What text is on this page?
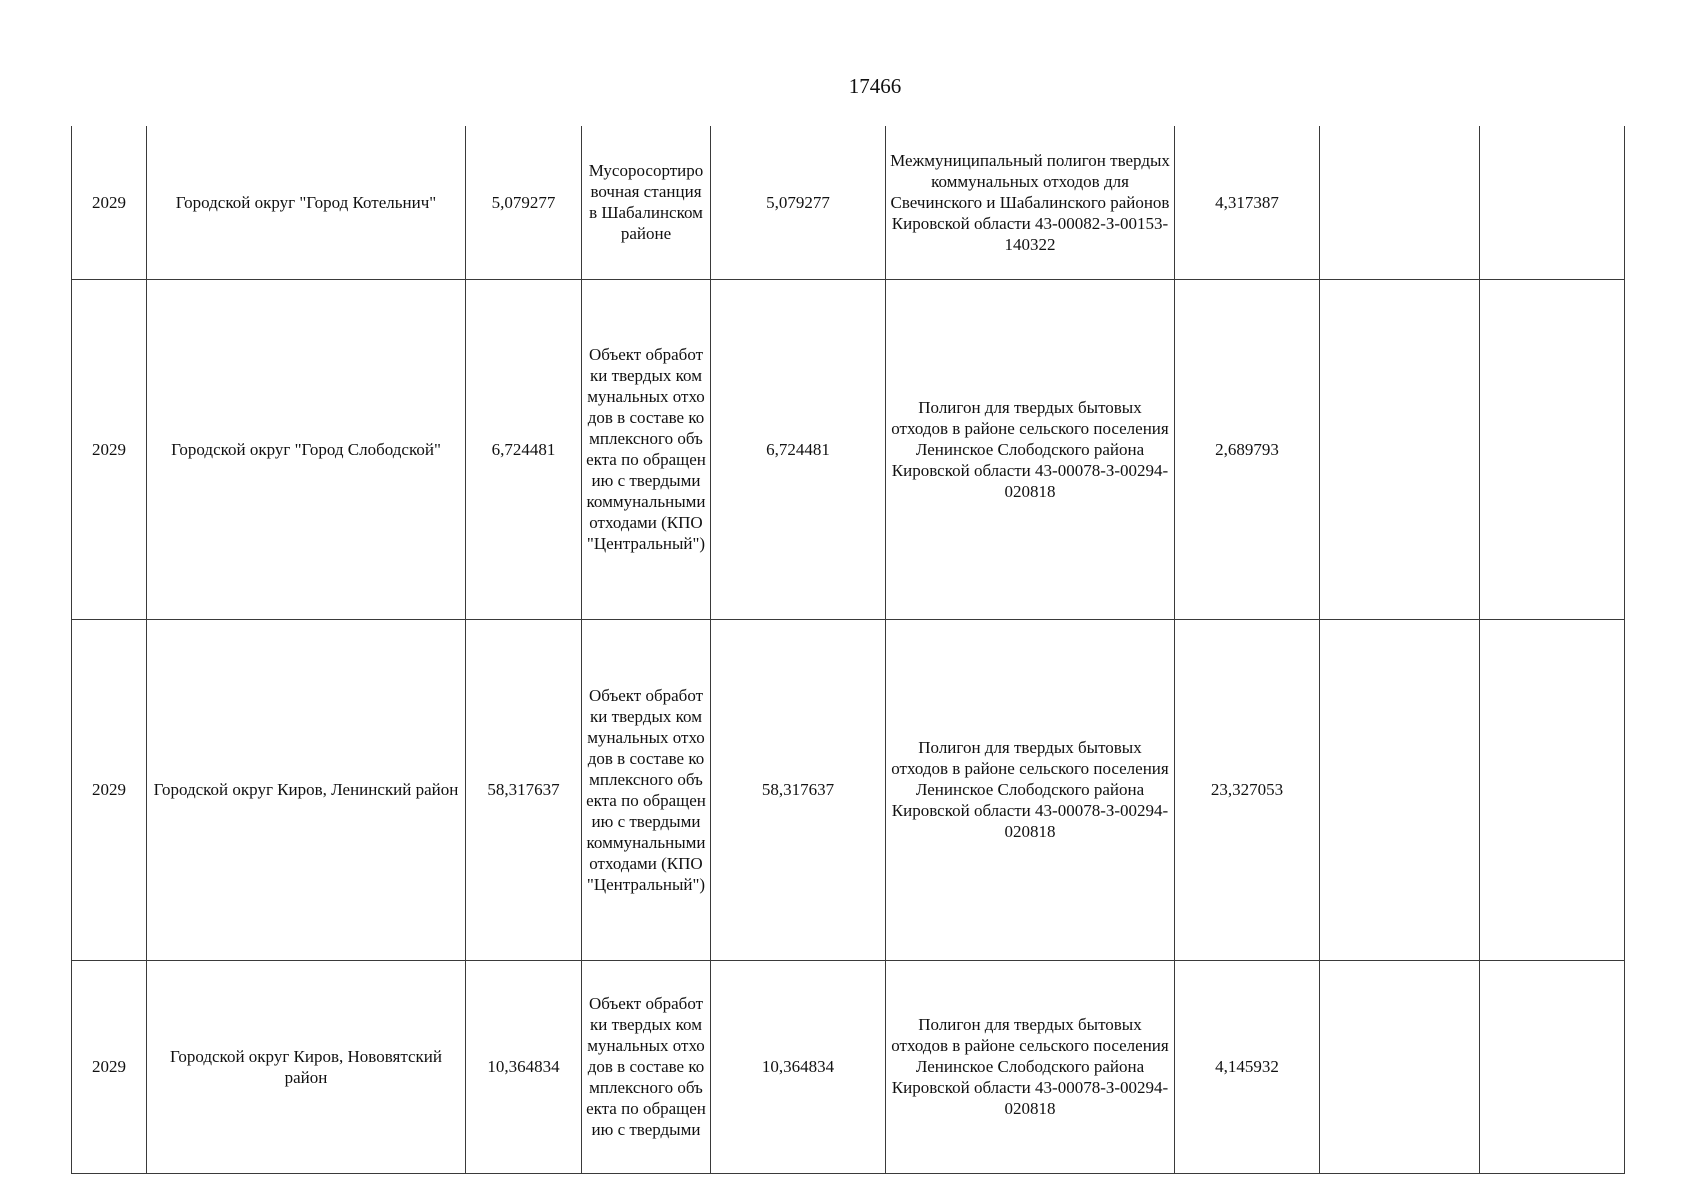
17466
2029	Городской округ "Город Котельнич"	5,079277	Мусоросортировочная станция в Шабалинском районе	5,079277	Межмуниципальный полигон твердых коммунальных отходов для Свечинского и Шабалинского районов Кировской области 43-00082-З-00153-140322	4,317387		
2029	Городской округ "Город Слободской"	6,724481	Объект обработки твердых коммунальных отходов в составе комплексного объекта по обращению с твердыми коммунальными отходами (КПО "Центральный")	6,724481	Полигон для твердых бытовых отходов в районе сельского поселения Ленинское Слободского района Кировской области 43-00078-З-00294-020818	2,689793		
2029	Городской округ Киров, Ленинский район	58,317637	Объект обработки твердых коммунальных отходов в составе комплексного объекта по обращению с твердыми коммунальными отходами (КПО "Центральный")	58,317637	Полигон для твердых бытовых отходов в районе сельского поселения Ленинское Слободского района Кировской области 43-00078-З-00294-020818	23,327053		
2029	Городской округ Киров, Нововятский район	10,364834	Объект обработки твердых коммунальных отходов в составе комплексного объекта по обращению с твердыми	10,364834	Полигон для твердых бытовых отходов в районе сельского поселения Ленинское Слободского района Кировской области 43-00078-З-00294-020818	4,145932		
